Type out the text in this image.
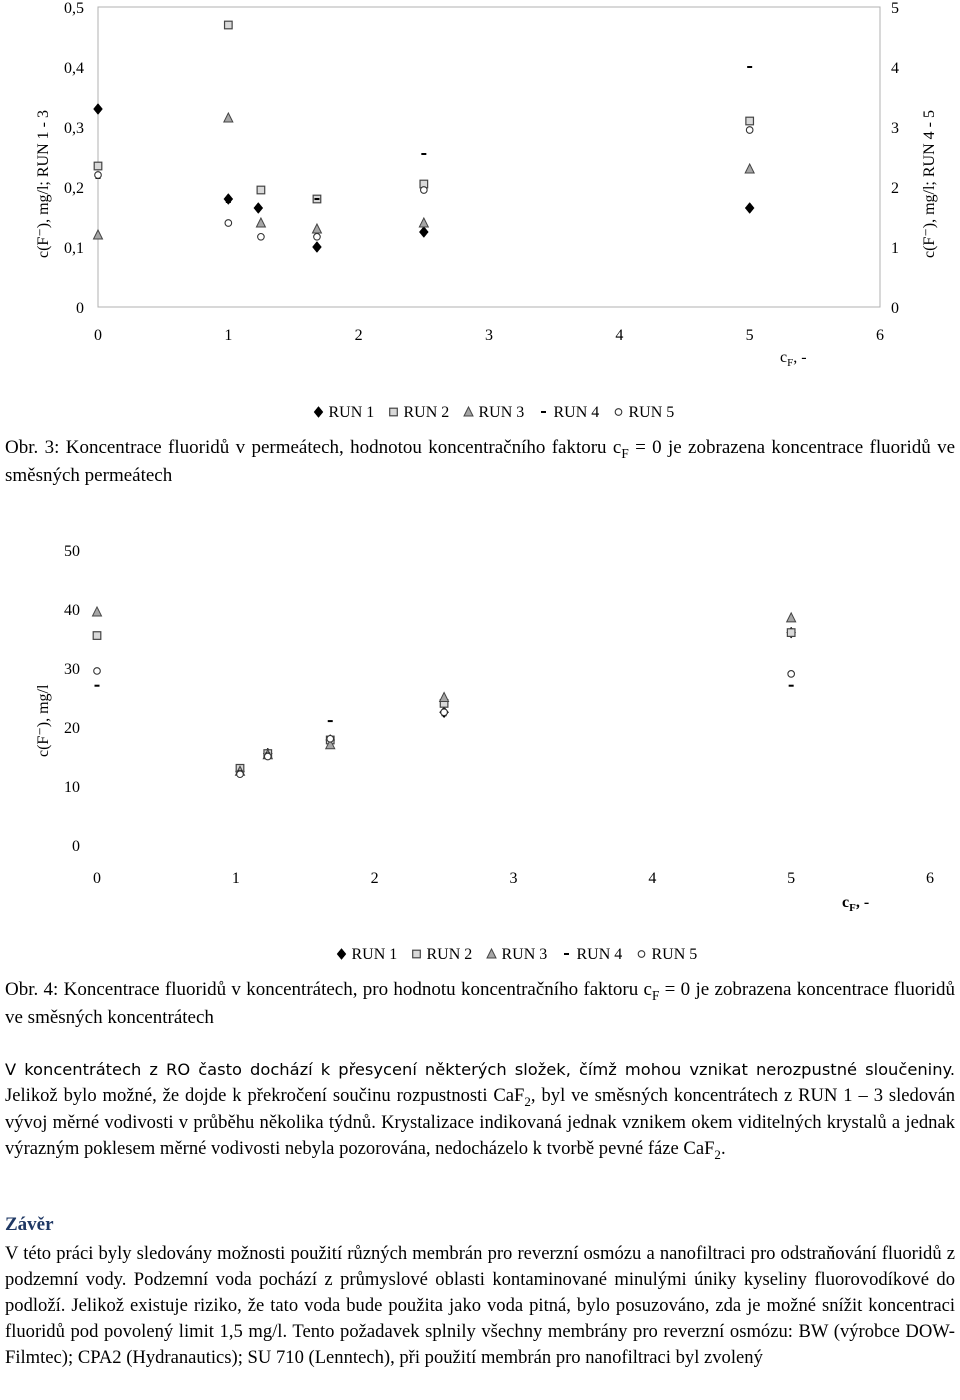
0	1	2	3	4	5	6
0
0,1
0,2
0,3
0,4
0,5
0
1
2
3
4
5
c(F⁻), mg/l; RUN 1 - 3	c(F⁻), mg/l; RUN 4 - 5
$c_F$, -
RUN 1 RUN 2 RUN 3 RUN 4 RUN 5

Obr. 3: Koncentrace fluoridů v permeátech, hodnotou koncentračního faktoru $c_F = 0$ je zobrazena koncentrace fluoridů ve směsných permeátech

0	1	2	3	4	5	6
0
10
20
30
40
50
c(F⁻), mg/l
$c_F$, -
RUN 1 RUN 2 RUN 3 RUN 4 RUN 5

Obr. 4: Koncentrace fluoridů v koncentrátech, pro hodnotu koncentračního faktoru $c_F = 0$ je zobrazena koncentrace fluoridů ve směsných koncentrátech

V koncentrátech z RO často dochází k přesycení některých složek, čímž mohou vznikat nerozpustné sloučeniny. Jelikož bylo možné, že dojde k překročení součinu rozpustnosti CaF$_2$, byl ve směsných koncentrátech z RUN 1 – 3 sledován vývoj měrné vodivosti v průběhu několika týdnů. Krystalizace indikovaná jednak vznikem okem viditelných krystalů a jednak výrazným poklesem měrné vodivosti nebyla pozorována, nedocházelo k tvorbě pevné fáze CaF$_2$.

Závěr

V této práci byly sledovány možnosti použití různých membrán pro reverzní osmózu a nanofiltraci pro odstraňování fluoridů z podzemní vody. Podzemní voda pochází z průmyslové oblasti kontaminované minulými úniky kyseliny fluorovodíkové do podloží. Jelikož existuje riziko, že tato voda bude použita jako voda pitná, bylo posuzováno, zda je možné snížit koncentraci fluoridů pod povolený limit 1,5 mg/l. Tento požadavek splnily všechny membrány pro reverzní osmózu: BW (výrobce DOW-Filmtec); CPA2 (Hydranautics); SU 710 (Lenntech), při použití membrán pro nanofiltraci byl zvolený
